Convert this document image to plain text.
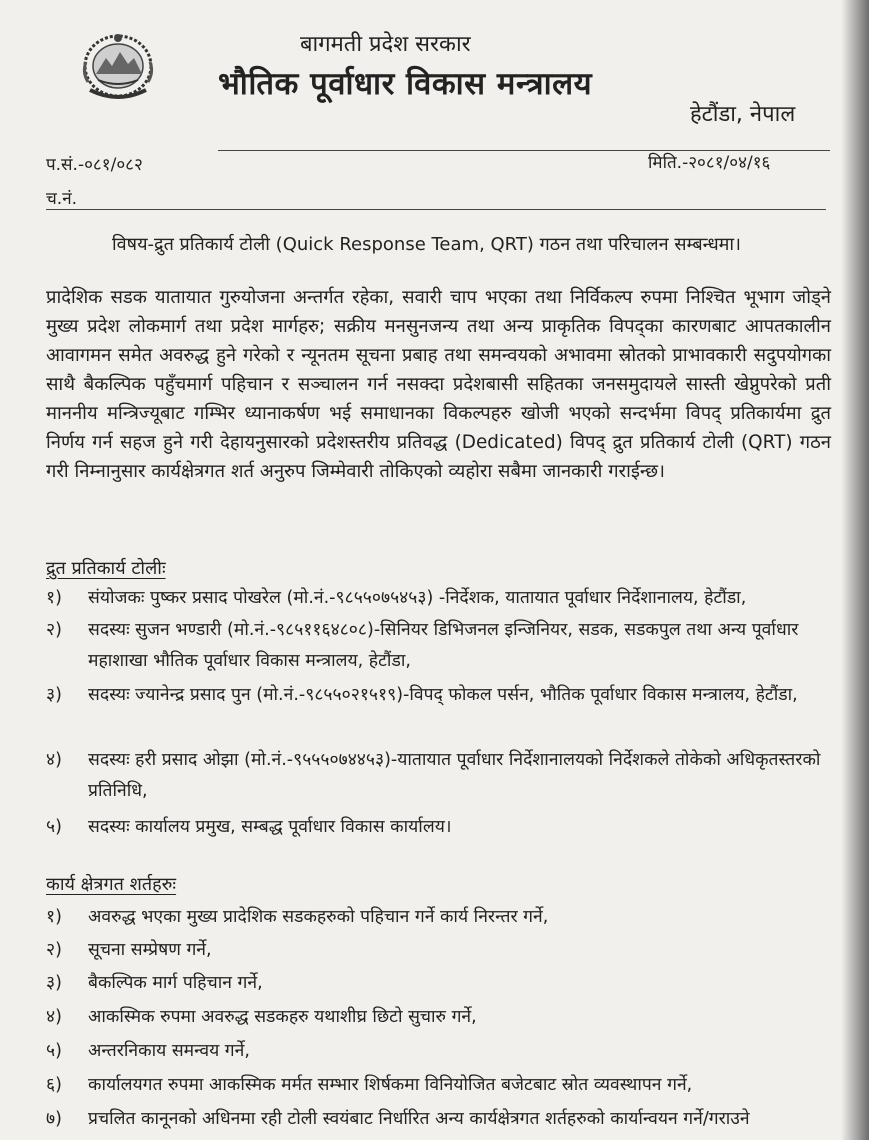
बागमती प्रदेश सरकार
भौतिक पूर्वाधार विकास मन्त्रालय
हेटौंडा, नेपाल
प.सं.-०८१/०८२	मिति.-२०८१/०४/१६
च.नं.
विषय-द्रुत प्रतिकार्य टोली (Quick Response Team, QRT) गठन तथा परिचालन सम्बन्धमा।

प्रादेशिक सडक यातायात गुरुयोजना अन्तर्गत रहेका, सवारी चाप भएका तथा निर्विकल्प रुपमा निश्चित भूभाग जोड्ने मुख्य प्रदेश लोकमार्ग तथा प्रदेश मार्गहरु; सक्रीय मनसुनजन्य तथा अन्य प्राकृतिक विपद्का कारणबाट आपतकालीन आवागमन समेत अवरुद्ध हुने गरेको र न्यूनतम सूचना प्रबाह तथा समन्वयको अभावमा स्रोतको प्राभावकारी सदुपयोगका साथै बैकल्पिक पहुँचमार्ग पहिचान र सञ्चालन गर्न नसक्दा प्रदेशबासी सहितका जनसमुदायले सास्ती खेप्नुपरेको प्रती माननीय मन्त्रिज्यूबाट गम्भिर ध्यानाकर्षण भई समाधानका विकल्पहरु खोजी भएको सन्दर्भमा विपद् प्रतिकार्यमा द्रुत निर्णय गर्न सहज हुने गरी देहायनुसारको प्रदेशस्तरीय प्रतिवद्ध (Dedicated) विपद् द्रुत प्रतिकार्य टोली (QRT) गठन गरी निम्नानुसार कार्यक्षेत्रगत शर्त अनुरुप जिम्मेवारी तोकिएको व्यहोरा सबैमा जानकारी गराईन्छ।

द्रुत प्रतिकार्य टोलीः
१)	संयोजकः पुष्कर प्रसाद पोखरेल (मो.नं.-९८५५०७५४५३) -निर्देशक, यातायात पूर्वाधार निर्देशानालय, हेटौंडा,
२)	सदस्यः सुजन भण्डारी (मो.नं.-९८५११६४८०८)-सिनियर डिभिजनल इन्जिनियर, सडक, सडकपुल तथा अन्य पूर्वाधार महाशाखा भौतिक पूर्वाधार विकास मन्त्रालय, हेटौंडा,
३)	सदस्यः ज्यानेन्द्र प्रसाद पुन (मो.नं.-९८५५०२१५१९)-विपद् फोकल पर्सन, भौतिक पूर्वाधार विकास मन्त्रालय, हेटौंडा,
४)	सदस्यः हरी प्रसाद ओझा (मो.नं.-९५५५०७४४५३)-यातायात पूर्वाधार निर्देशानालयको निर्देशकले तोकेको अधिकृतस्तरको प्रतिनिधि,
५)	सदस्यः कार्यालय प्रमुख, सम्बद्ध पूर्वाधार विकास कार्यालय।
कार्य क्षेत्रगत शर्तहरुः
१)	अवरुद्ध भएका मुख्य प्रादेशिक सडकहरुको पहिचान गर्ने कार्य निरन्तर गर्ने,
२)	सूचना सम्प्रेषण गर्ने,
३)	बैकल्पिक मार्ग पहिचान गर्ने,
४)	आकस्मिक रुपमा अवरुद्ध सडकहरु यथाशीघ्र छिटो सुचारु गर्ने,
५)	अन्तरनिकाय समन्वय गर्ने,
६)	कार्यालयगत रुपमा आकस्मिक मर्मत सम्भार शिर्षकमा विनियोजित बजेटबाट स्रोत व्यवस्थापन गर्ने,
७)	प्रचलित कानूनको अधिनमा रही टोली स्वयंबाट निर्धारित अन्य कार्यक्षेत्रगत शर्तहरुको कार्यान्वयन गर्ने/गराउने
